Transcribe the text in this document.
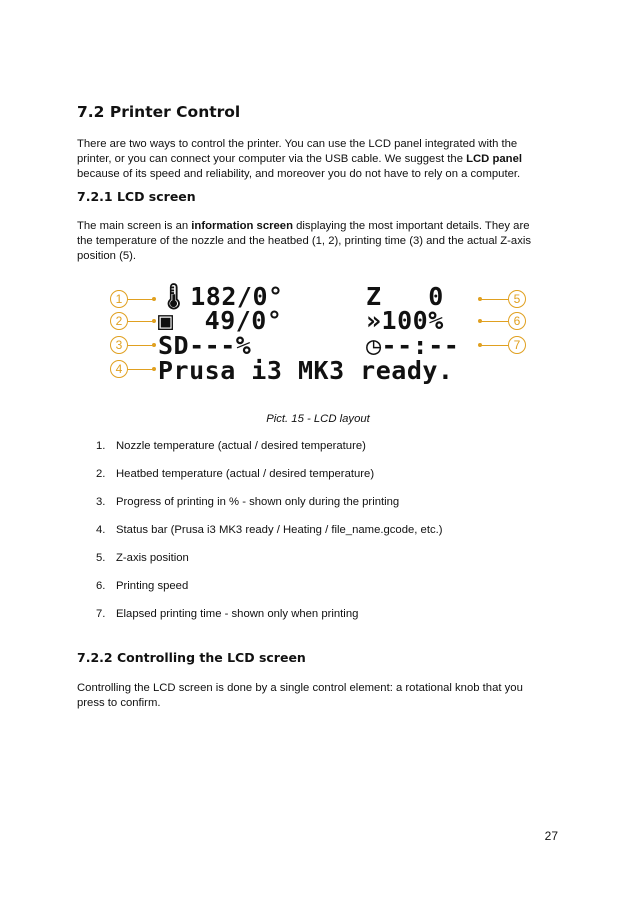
7.2 Printer Control

There are two ways to control the printer. You can use the LCD panel integrated with the printer, or you can connect your computer via the USB cable. We suggest the LCD panel because of its speed and reliability, and moreover you do not have to rely on a computer.

7.2.1 LCD screen

The main screen is an information screen displaying the most important details. They are the temperature of the nozzle and the heatbed (1, 2), printing time (3) and the actual Z-axis position (5).

🌡182/0°	Z   0
▣  49/0°	»100%
SD---%	◷--:--
Prusa i3 MK3 ready.
1
2
3
4
5
6
7
Pict. 15 - LCD layout
1. Nozzle temperature (actual / desired temperature)
2. Heatbed temperature (actual / desired temperature)
3. Progress of printing in % - shown only during the printing
4. Status bar (Prusa i3 MK3 ready / Heating / file_name.gcode, etc.)
5. Z-axis position
6. Printing speed
7. Elapsed printing time - shown only when printing
7.2.2 Controlling the LCD screen

Controlling the LCD screen is done by a single control element: a rotational knob that you press to confirm.

27
